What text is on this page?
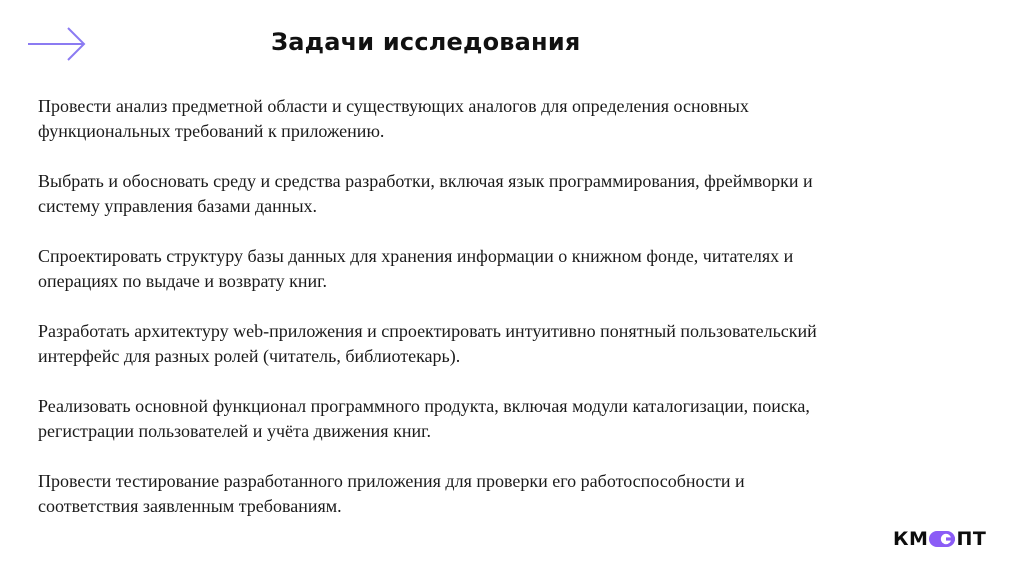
Задачи исследования
Провести анализ предметной области и существующих аналогов для определения основных
функциональных требований к приложению.
Выбрать и обосновать среду и средства разработки, включая язык программирования, фреймворки и
систему управления базами данных.
Спроектировать структуру базы данных для хранения информации о книжном фонде, читателях и
операциях по выдаче и возврату книг.
Разработать архитектуру web-приложения и спроектировать интуитивно понятный пользовательский
интерфейс для разных ролей (читатель, библиотекарь).
Реализовать основной функционал программного продукта, включая модули каталогизации, поиска,
регистрации пользователей и учёта движения книг.
Провести тестирование разработанного приложения для проверки его работоспособности и
соответствия заявленным требованиям.
КМ ПТ
